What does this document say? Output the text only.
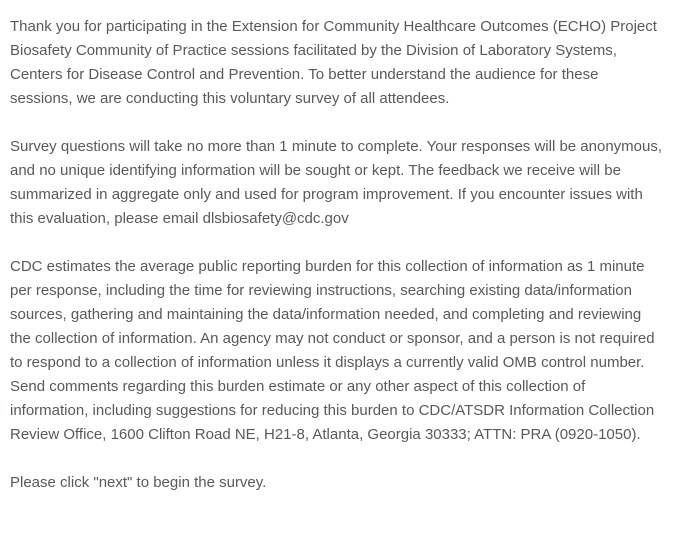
Thank you for participating in the Extension for Community Healthcare Outcomes (ECHO) Project Biosafety Community of Practice sessions facilitated by the Division of Laboratory Systems, Centers for Disease Control and Prevention. To better understand the audience for these sessions, we are conducting this voluntary survey of all attendees.

Survey questions will take no more than 1 minute to complete. Your responses will be anonymous, and no unique identifying information will be sought or kept. The feedback we receive will be summarized in aggregate only and used for program improvement. If you encounter issues with this evaluation, please email dlsbiosafety@cdc.gov

CDC estimates the average public reporting burden for this collection of information as 1 minute per response, including the time for reviewing instructions, searching existing data/information sources, gathering and maintaining the data/information needed, and completing and reviewing the collection of information. An agency may not conduct or sponsor, and a person is not required to respond to a collection of information unless it displays a currently valid OMB control number. Send comments regarding this burden estimate or any other aspect of this collection of information, including suggestions for reducing this burden to CDC/ATSDR Information Collection Review Office, 1600 Clifton Road NE, H21-8, Atlanta, Georgia 30333; ATTN: PRA (0920-1050).

Please click "next" to begin the survey.
